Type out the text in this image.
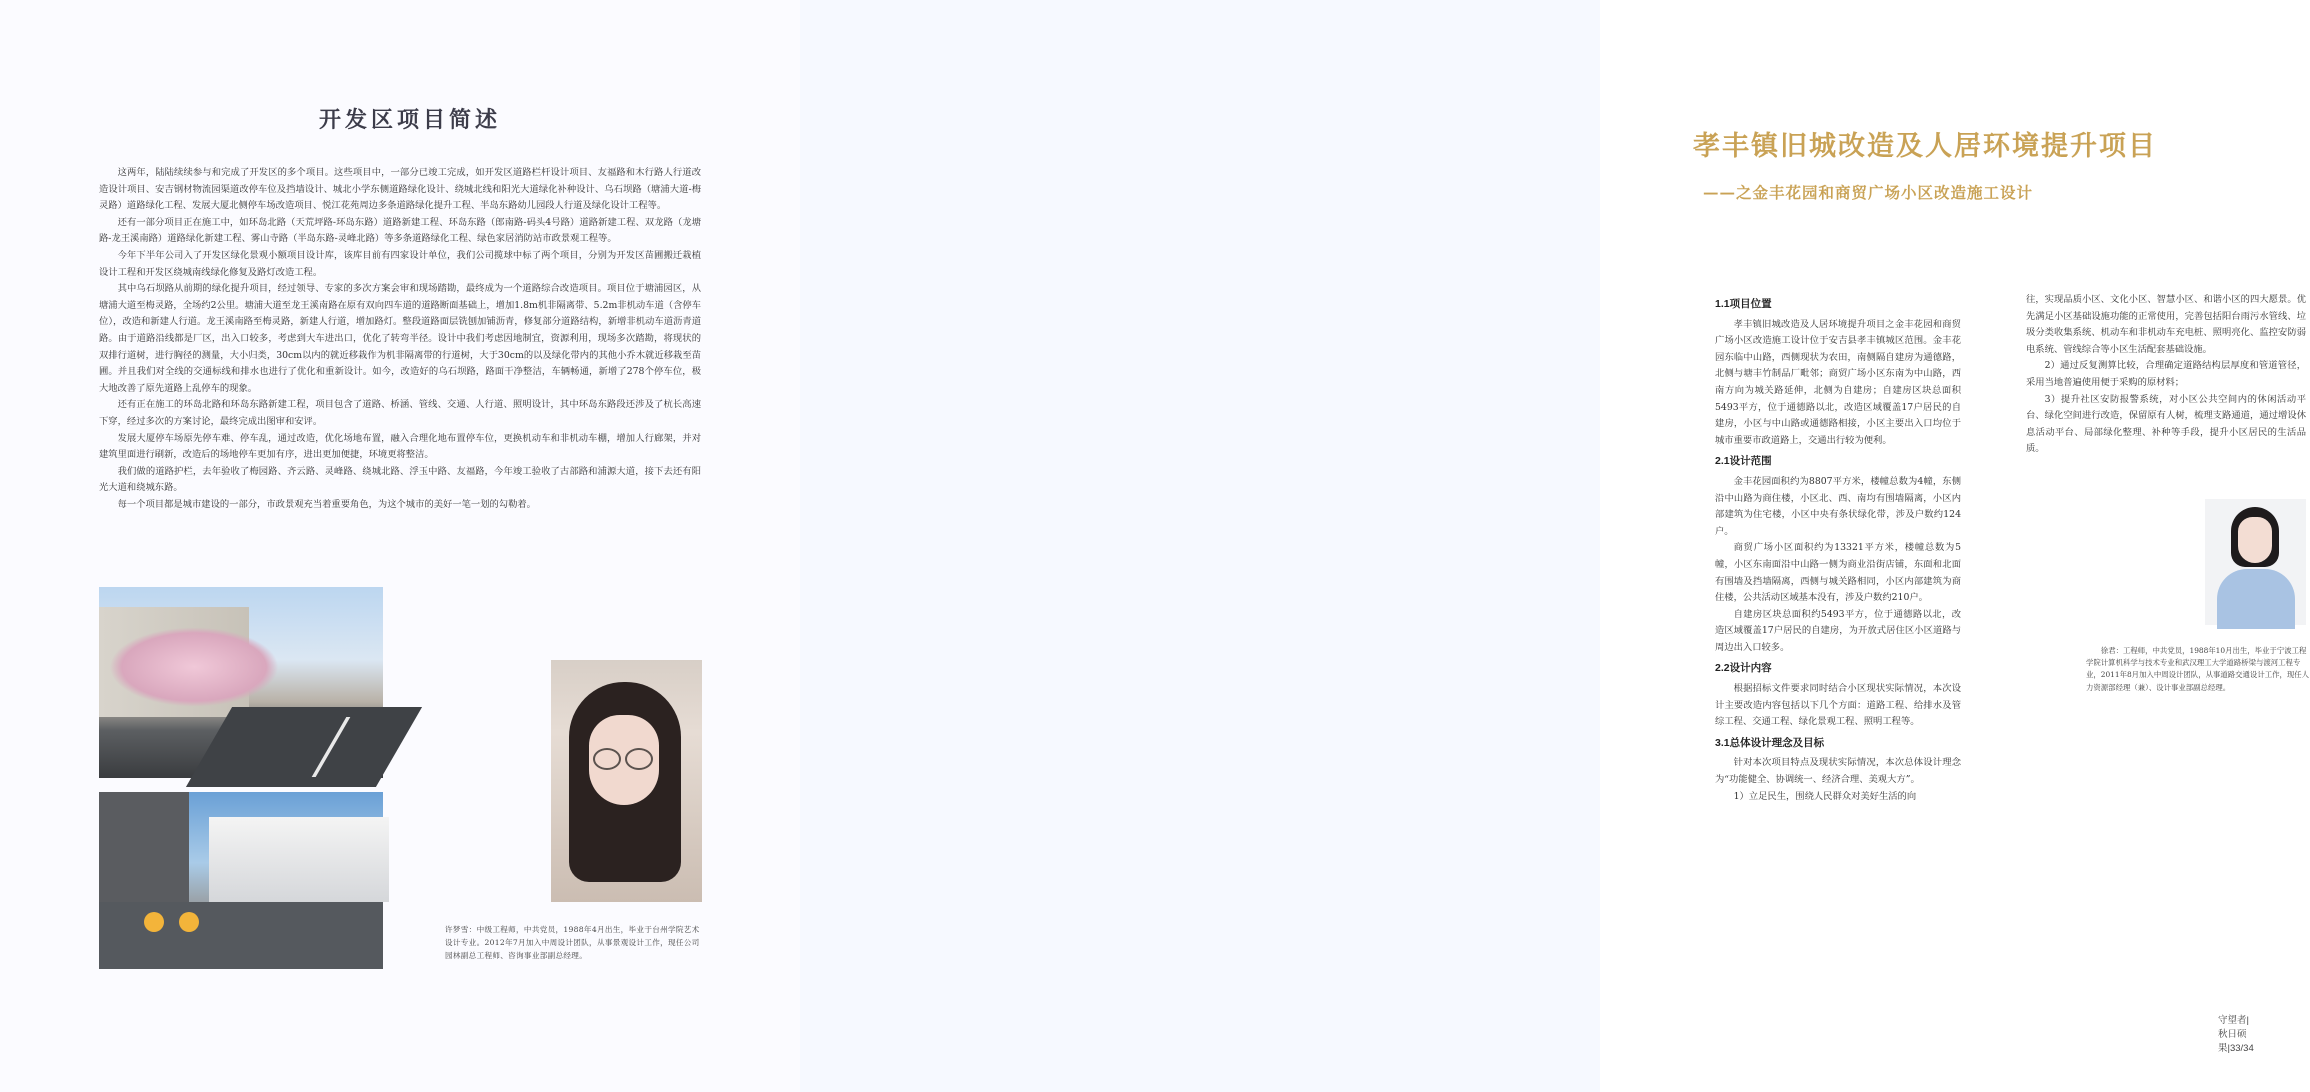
开发区项目简述

这两年，陆陆续续参与和完成了开发区的多个项目。这些项目中，一部分已竣工完成，如开发区道路栏杆设计项目、友福路和木行路人行道改造设计项目、安吉钢材物流园渠道改停车位及挡墙设计、城北小学东侧道路绿化设计、绕城北线和阳光大道绿化补种设计、乌石坝路（塘浦大道-梅灵路）道路绿化工程、发展大厦北侧停车场改造项目、悦江花苑周边多条道路绿化提升工程、半岛东路幼儿园段人行道及绿化设计工程等。

还有一部分项目正在施工中，如环岛北路（天荒坪路-环岛东路）道路新建工程、环岛东路（郎南路-码头4号路）道路新建工程、双龙路（龙塘路-龙王溪南路）道路绿化新建工程、雾山寺路（半岛东路-灵峰北路）等多条道路绿化工程、绿色家居消防站市政景观工程等。

今年下半年公司入了开发区绿化景观小额项目设计库，该库目前有四家设计单位，我们公司揽球中标了两个项目，分别为开发区苗圃搬迁栽植设计工程和开发区绕城南线绿化修复及路灯改造工程。

其中乌石坝路从前期的绿化提升项目，经过领导、专家的多次方案会审和现场踏勘，最终成为一个道路综合改造项目。项目位于塘浦园区，从塘浦大道至梅灵路，全场约2公里。塘浦大道至龙王溪南路在原有双向四车道的道路断面基础上，增加1.8m机非隔离带、5.2m非机动车道（含停车位），改造和新建人行道。龙王溪南路至梅灵路，新建人行道，增加路灯。整段道路面层铣刨加铺沥青，修复部分道路结构，新增非机动车道沥青道路。由于道路沿线都是厂区，出入口较多，考虑到大车进出口，优化了转弯半径。设计中我们考虑因地制宜，资源利用，现场多次踏勘，将现状的双排行道树，进行胸径的测量，大小归类，30cm以内的就近移栽作为机非隔离带的行道树，大于30cm的以及绿化带内的其他小乔木就近移栽至苗圃。并且我们对全线的交通标线和排水也进行了优化和重新设计。如今，改造好的乌石坝路，路面干净整洁，车辆畅通，新增了278个停车位，极大地改善了原先道路上乱停车的现象。

还有正在施工的环岛北路和环岛东路新建工程，项目包含了道路、桥涵、管线、交通、人行道、照明设计，其中环岛东路段还涉及了杭长高速下穿，经过多次的方案讨论，最终完成出图审和安评。

发展大厦停车场原先停车难、停车乱，通过改造，优化场地布置，融入合理化地布置停车位，更换机动车和非机动车棚，增加人行廊架，并对建筑里面进行刷新，改造后的场地停车更加有序，进出更加便捷，环境更将整洁。

我们做的道路护栏，去年验收了梅园路、齐云路、灵峰路、绕城北路、浮玉中路、友福路，今年竣工验收了古部路和浦源大道，接下去还有阳光大道和绕城东路。

每一个项目都是城市建设的一部分，市政景观充当着重要角色，为这个城市的美好一笔一划的勾勒着。

许梦雪：中级工程师，中共党员，1988年4月出生，毕业于台州学院艺术设计专业。2012年7月加入中周设计团队，从事景观设计工作，现任公司园林副总工程师、咨询事业部副总经理。
孝丰镇旧城改造及人居环境提升项目
——之金丰花园和商贸广场小区改造施工设计
1.1项目位置

孝丰镇旧城改造及人居环境提升项目之金丰花园和商贸广场小区改造施工设计位于安吉县孝丰镇城区范围。金丰花园东临中山路，西侧现状为农田，南侧隔自建房为通德路，北侧与塘丰竹制品厂毗邻；商贸广场小区东南为中山路，西南方向为城关路延伸，北侧为自建房；自建房区块总面积5493平方，位于通德路以北，改造区域覆盖17户居民的自建房，小区与中山路或通德路相接，小区主要出入口均位于城市重要市政道路上，交通出行较为便利。

2.1设计范围

金丰花园面积约为8807平方米，楼幢总数为4幢，东侧沿中山路为商住楼，小区北、西、南均有围墙隔离，小区内部建筑为住宅楼，小区中央有条状绿化带，涉及户数约124户。

商贸广场小区面积约为13321平方米，楼幢总数为5幢，小区东南面沿中山路一侧为商业沿街店铺，东面和北面有围墙及挡墙隔离，西侧与城关路相同，小区内部建筑为商住楼，公共活动区域基本没有，涉及户数约210户。

自建房区块总面积约5493平方，位于通德路以北，改造区域覆盖17户居民的自建房，为开放式居住区小区道路与周边出入口较多。

2.2设计内容

根据招标文件要求同时结合小区现状实际情况，本次设计主要改造内容包括以下几个方面：道路工程、给排水及管综工程、交通工程、绿化景观工程、照明工程等。

3.1总体设计理念及目标

针对本次项目特点及现状实际情况，本次总体设计理念为“功能健全、协调统一、经济合理、美观大方”。

1）立足民生，围绕人民群众对美好生活的向

往，实现品质小区、文化小区、智慧小区、和谐小区的四大愿景。优先满足小区基础设施功能的正常使用，完善包括阳台雨污水管线、垃圾分类收集系统、机动车和非机动车充电桩、照明亮化、监控安防弱电系统、管线综合等小区生活配套基础设施。

2）通过反复测算比较，合理确定道路结构层厚度和管道管径，采用当地普遍使用便于采购的原材料；

3）提升社区安防报警系统，对小区公共空间内的休闲活动平台、绿化空间进行改造，保留原有人树，梳理支路通道，通过增设休息活动平台、局部绿化整理、补种等手段，提升小区居民的生活品质。

徐君：工程师，中共党员，1988年10月出生，毕业于宁波工程学院计算机科学与技术专业和武汉理工大学道路桥梁与渡河工程专业，2011年8月加入中周设计团队，从事道路交通设计工作，现任人力资源部经理（兼）、设计事业部副总经理。
守望者|秋日硕果|33/34
